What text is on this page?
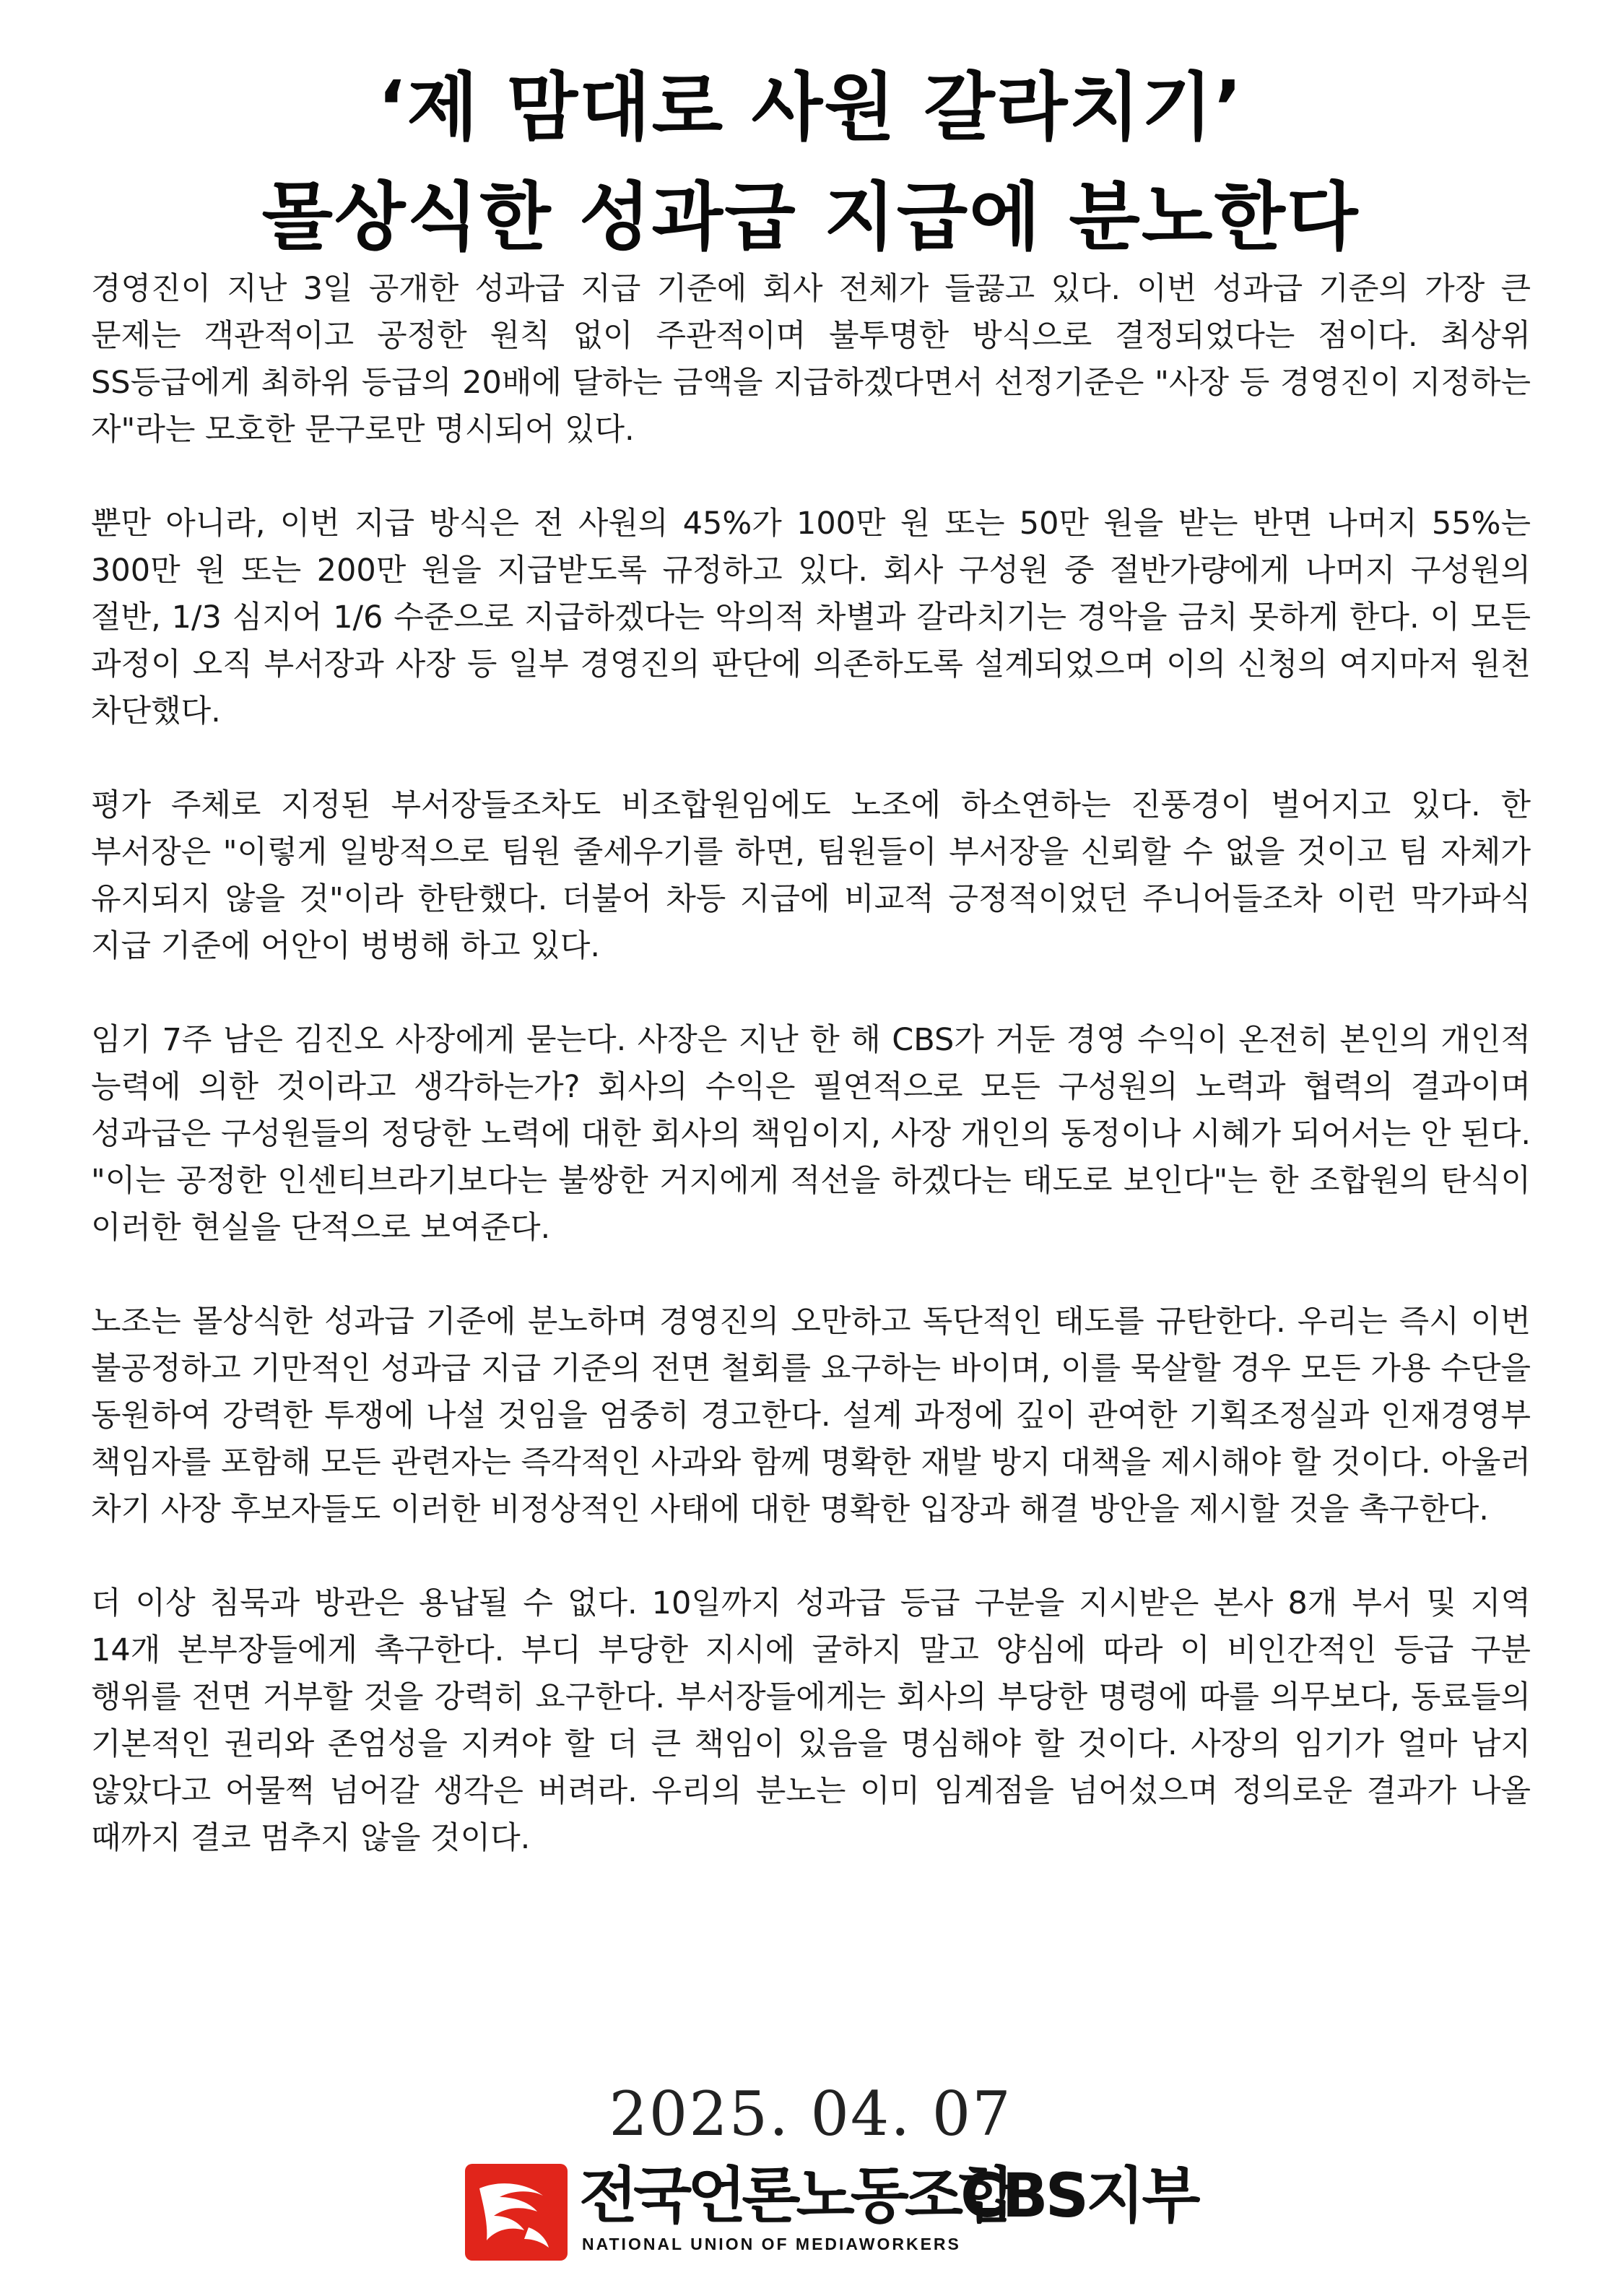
‘제 맘대로 사원 갈라치기’
몰상식한 성과급 지급에 분노한다

경영진이 지난 3일 공개한 성과급 지급 기준에 회사 전체가 들끓고 있다. 이번 성과급 기준의 가장 큰 문제는 객관적이고 공정한 원칙 없이 주관적이며 불투명한 방식으로 결정되었다는 점이다. 최상위 SS등급에게 최하위 등급의 20배에 달하는 금액을 지급하겠다면서 선정기준은 "사장 등 경영진이 지정하는 자"라는 모호한 문구로만 명시되어 있다.

뿐만 아니라, 이번 지급 방식은 전 사원의 45%가 100만 원 또는 50만 원을 받는 반면 나머지 55%는 300만 원 또는 200만 원을 지급받도록 규정하고 있다. 회사 구성원 중 절반가량에게 나머지 구성원의 절반, 1/3 심지어 1/6 수준으로 지급하겠다는 악의적 차별과 갈라치기는 경악을 금치 못하게 한다. 이 모든 과정이 오직 부서장과 사장 등 일부 경영진의 판단에 의존하도록 설계되었으며 이의 신청의 여지마저 원천 차단했다.

평가 주체로 지정된 부서장들조차도 비조합원임에도 노조에 하소연하는 진풍경이 벌어지고 있다. 한 부서장은 "이렇게 일방적으로 팀원 줄세우기를 하면, 팀원들이 부서장을 신뢰할 수 없을 것이고 팀 자체가 유지되지 않을 것"이라 한탄했다. 더불어 차등 지급에 비교적 긍정적이었던 주니어들조차 이런 막가파식 지급 기준에 어안이 벙벙해 하고 있다.

임기 7주 남은 김진오 사장에게 묻는다. 사장은 지난 한 해 CBS가 거둔 경영 수익이 온전히 본인의 개인적 능력에 의한 것이라고 생각하는가? 회사의 수익은 필연적으로 모든 구성원의 노력과 협력의 결과이며 성과급은 구성원들의 정당한 노력에 대한 회사의 책임이지, 사장 개인의 동정이나 시혜가 되어서는 안 된다. "이는 공정한 인센티브라기보다는 불쌍한 거지에게 적선을 하겠다는 태도로 보인다"는 한 조합원의 탄식이 이러한 현실을 단적으로 보여준다.

노조는 몰상식한 성과급 기준에 분노하며 경영진의 오만하고 독단적인 태도를 규탄한다. 우리는 즉시 이번 불공정하고 기만적인 성과급 지급 기준의 전면 철회를 요구하는 바이며, 이를 묵살할 경우 모든 가용 수단을 동원하여 강력한 투쟁에 나설 것임을 엄중히 경고한다. 설계 과정에 깊이 관여한 기획조정실과 인재경영부 책임자를 포함해 모든 관련자는 즉각적인 사과와 함께 명확한 재발 방지 대책을 제시해야 할 것이다. 아울러 차기 사장 후보자들도 이러한 비정상적인 사태에 대한 명확한 입장과 해결 방안을 제시할 것을 촉구한다.

더 이상 침묵과 방관은 용납될 수 없다. 10일까지 성과급 등급 구분을 지시받은 본사 8개 부서 및 지역 14개 본부장들에게 촉구한다. 부디 부당한 지시에 굴하지 말고 양심에 따라 이 비인간적인 등급 구분 행위를 전면 거부할 것을 강력히 요구한다. 부서장들에게는 회사의 부당한 명령에 따를 의무보다, 동료들의 기본적인 권리와 존엄성을 지켜야 할 더 큰 책임이 있음을 명심해야 할 것이다. 사장의 임기가 얼마 남지 않았다고 어물쩍 넘어갈 생각은 버려라. 우리의 분노는 이미 임계점을 넘어섰으며 정의로운 결과가 나올 때까지 결코 멈추지 않을 것이다.

2025. 04. 07
전국언론노동조합
NATIONAL UNION OF MEDIAWORKERS
CBS지부
